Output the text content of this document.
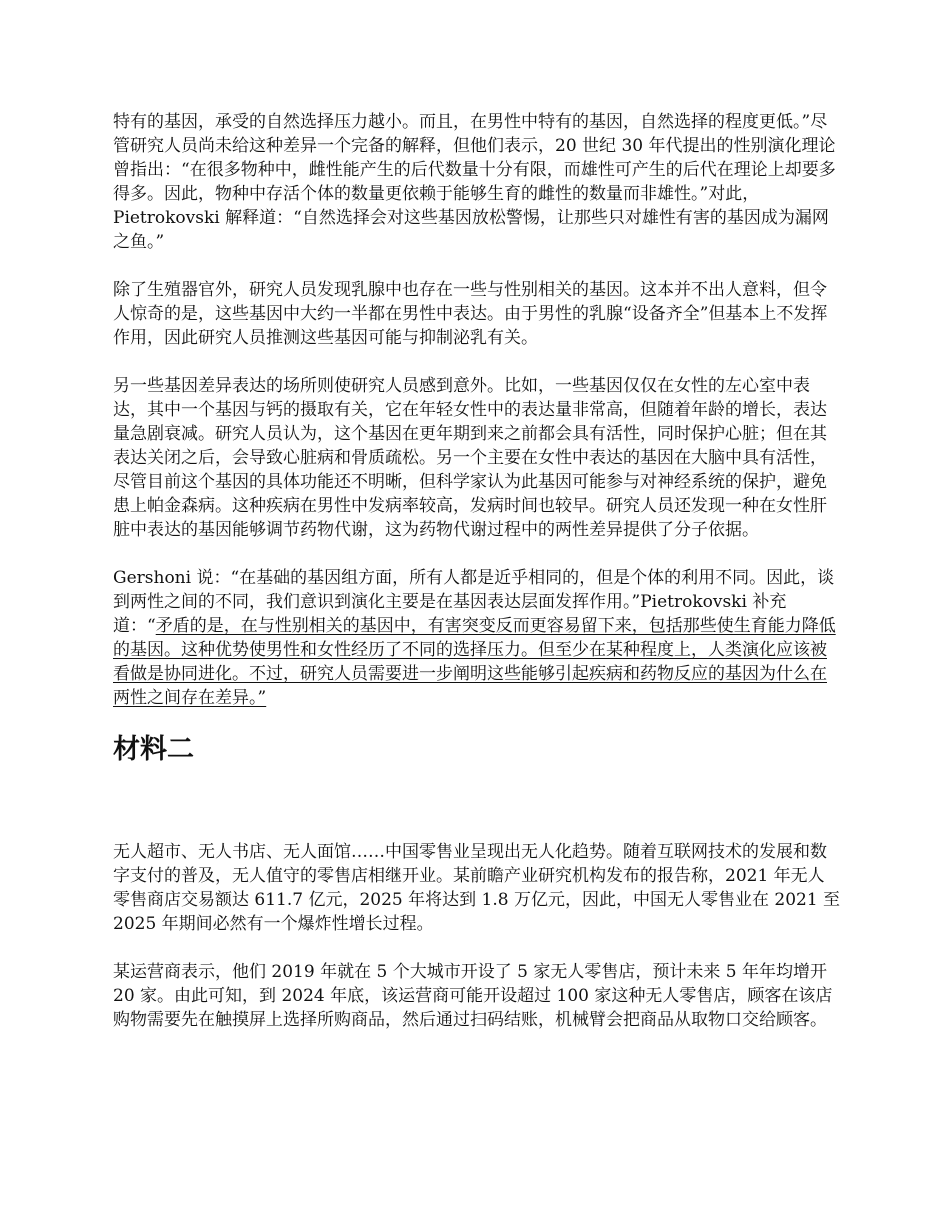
特有的基因，承受的自然选择压力越小。而且，在男性中特有的基因，自然选择的程度更低。”尽管研究人员尚未给这种差异一个完备的解释，但他们表示，20 世纪 30 年代提出的性别演化理论曾指出：“在很多物种中，雌性能产生的后代数量十分有限，而雄性可产生的后代在理论上却要多得多。因此，物种中存活个体的数量更依赖于能够生育的雌性的数量而非雄性。”对此，Pietrokovski 解释道：“自然选择会对这些基因放松警惕，让那些只对雄性有害的基因成为漏网之鱼。”

除了生殖器官外，研究人员发现乳腺中也存在一些与性别相关的基因。这本并不出人意料，但令人惊奇的是，这些基因中大约一半都在男性中表达。由于男性的乳腺“设备齐全”但基本上不发挥作用，因此研究人员推测这些基因可能与抑制泌乳有关。

另一些基因差异表达的场所则使研究人员感到意外。比如，一些基因仅仅在女性的左心室中表达，其中一个基因与钙的摄取有关，它在年轻女性中的表达量非常高，但随着年龄的增长，表达量急剧衰减。研究人员认为，这个基因在更年期到来之前都会具有活性，同时保护心脏；但在其表达关闭之后，会导致心脏病和骨质疏松。另一个主要在女性中表达的基因在大脑中具有活性，尽管目前这个基因的具体功能还不明晰，但科学家认为此基因可能参与对神经系统的保护，避免患上帕金森病。这种疾病在男性中发病率较高，发病时间也较早。研究人员还发现一种在女性肝脏中表达的基因能够调节药物代谢，这为药物代谢过程中的两性差异提供了分子依据。

Gershoni 说：“在基础的基因组方面，所有人都是近乎相同的，但是个体的利用不同。因此，谈到两性之间的不同，我们意识到演化主要是在基因表达层面发挥作用。”Pietrokovski 补充道：“矛盾的是，在与性别相关的基因中，有害突变反而更容易留下来，包括那些使生育能力降低的基因。这种优势使男性和女性经历了不同的选择压力。但至少在某种程度上，人类演化应该被看做是协同进化。不过，研究人员需要进一步阐明这些能够引起疾病和药物反应的基因为什么在两性之间存在差异。”

材料二

无人超市、无人书店、无人面馆……中国零售业呈现出无人化趋势。随着互联网技术的发展和数字支付的普及，无人值守的零售店相继开业。某前瞻产业研究机构发布的报告称，2021 年无人零售商店交易额达 611.7 亿元，2025 年将达到 1.8 万亿元，因此，中国无人零售业在 2021 至 2025 年期间必然有一个爆炸性增长过程。

某运营商表示，他们 2019 年就在 5 个大城市开设了 5 家无人零售店，预计未来 5 年年均增开 20 家。由此可知，到 2024 年底，该运营商可能开设超过 100 家这种无人零售店，顾客在该店购物需要先在触摸屏上选择所购商品，然后通过扫码结账，机械臂会把商品从取物口交给顾客。
